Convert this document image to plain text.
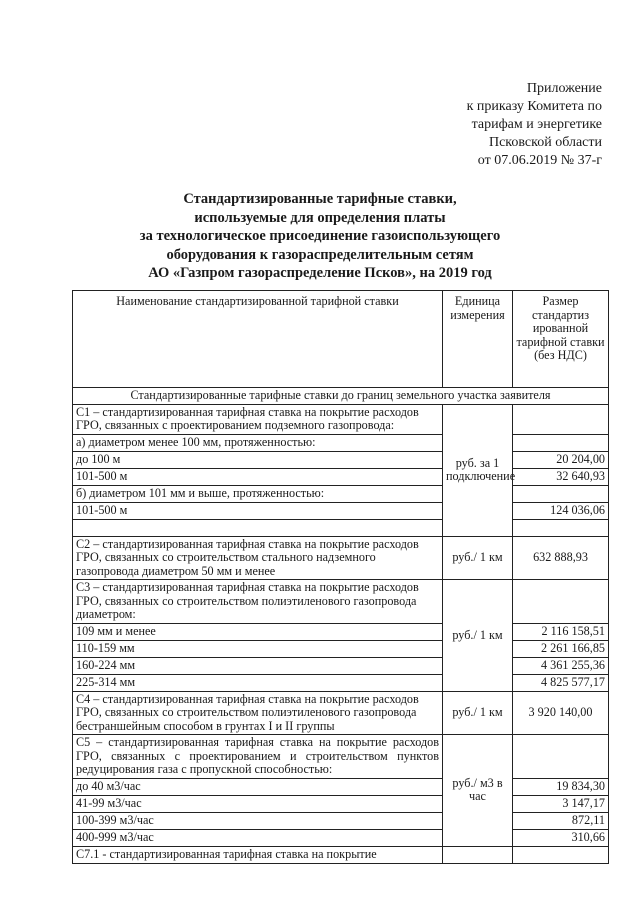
Приложение
к приказу Комитета по
тарифам и энергетике
Псковской области
от 07.06.2019 № 37-г
Стандартизированные тарифные ставки,
используемые для определения платы
за технологическое присоединение газоиспользующего
оборудования к газораспределительным сетям
АО «Газпром газораспределение Псков», на 2019 год
Наименование стандартизированной тарифной ставки	Единица измерения	Размер стандартиз ированной тарифной ставки (без НДС)
Стандартизированные тарифные ставки до границ земельного участка заявителя		
С1 – стандартизированная тарифная ставка на покрытие расходов ГРО, связанных с проектированием подземного газопровода:	руб. за 1 подключение	
а) диаметром менее 100 мм, протяженностью:		
до 100 м		20 204,00
101-500 м		32 640,93
б) диаметром 101 мм и выше, протяженностью:		
101-500 м		124 036,06

С2 – стандартизированная тарифная ставка на покрытие расходов ГРО, связанных со строительством стального надземного газопровода диаметром 50 мм и менее	руб./ 1 км	632 888,93
С3 – стандартизированная тарифная ставка на покрытие расходов ГРО, связанных со строительством полиэтиленового газопровода диаметром:	руб./ 1 км	
109 мм и менее		2 116 158,51
110-159 мм		2 261 166,85
160-224 мм		4 361 255,36
225-314 мм		4 825 577,17
С4 – стандартизированная тарифная ставка на покрытие расходов ГРО, связанных со строительством полиэтиленового газопровода бестраншейным способом в грунтах I и II группы	руб./ 1 км	3 920 140,00
С5 – стандартизированная тарифная ставка на покрытие расходов ГРО, связанных с проектированием и строительством пунктов редуцирования газа с пропускной способностью:	руб./ м3 в час	
до 40 м3/час		19 834,30
41-99 м3/час		3 147,17
100-399 м3/час		872,11
400-999 м3/час		310,66
С7.1 - стандартизированная тарифная ставка на покрытие		
